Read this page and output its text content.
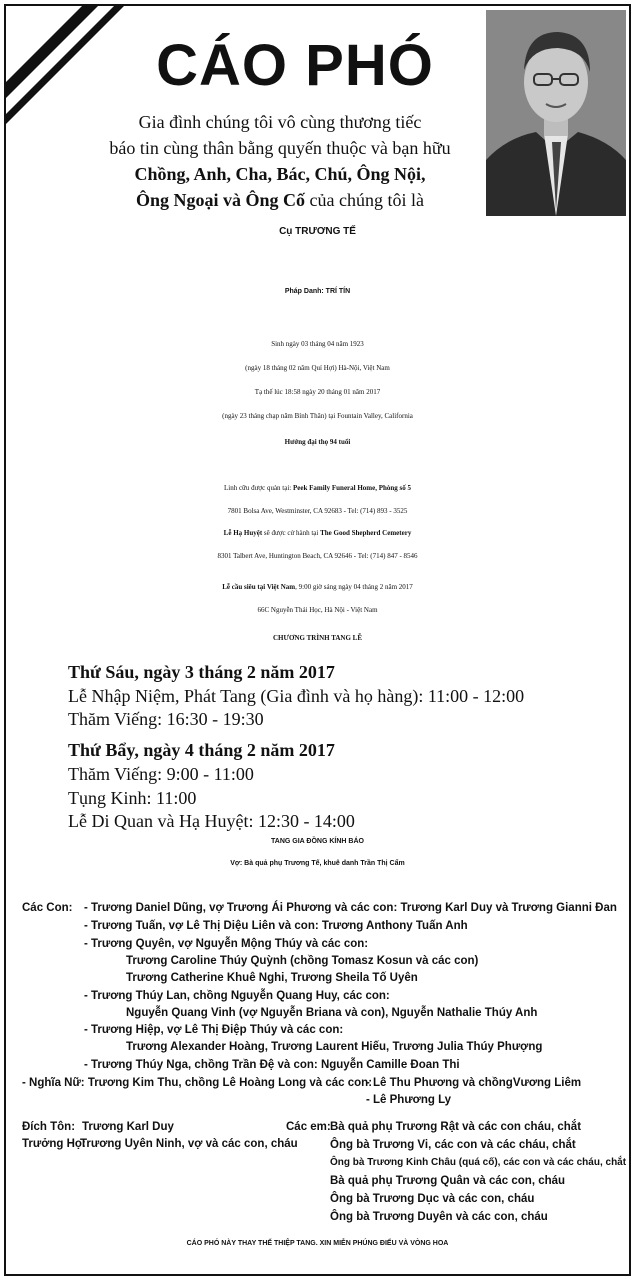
CÁO PHÓ
Gia đình chúng tôi vô cùng thương tiếc
báo tin cùng thân bằng quyến thuộc và bạn hữu
Chồng, Anh, Cha, Bác, Chú, Ông Nội,
Ông Ngoại và Ông Cố của chúng tôi là
Cụ TRƯƠNG TẾ
Pháp Danh: TRÍ TÍN
Sinh ngày 03 tháng 04 năm 1923
(ngày 18 tháng 02 năm Quí Hợi) Hà-Nội, Việt Nam
Tạ thế lúc 18:58 ngày 20 tháng 01 năm 2017
(ngày 23 tháng chạp năm Bính Thân) tại Fountain Valley, California
Hưởng đại thọ 94 tuổi
Linh cữu được quàn tại: Peek Family Funeral Home, Phòng số 5
7801 Bolsa Ave, Westminster, CA 92683 - Tel: (714) 893 - 3525
Lễ Hạ Huyệt sẽ được cử hành tại The Good Shepherd Cemetery
8301 Talbert Ave, Huntington Beach, CA 92646 - Tel: (714) 847 - 8546
Lễ cầu siêu tại Việt Nam, 9:00 giờ sáng ngày 04 tháng 2 năm 2017
66C Nguyễn Thái Học, Hà Nội - Việt Nam
CHƯƠNG TRÌNH TANG LỄ
Thứ Sáu, ngày 3 tháng 2 năm 2017
Lễ Nhập Niệm, Phát Tang (Gia đình và họ hàng): 11:00 - 12:00
Thăm Viếng: 16:30 - 19:30
Thứ Bẩy, ngày 4 tháng 2 năm 2017
Thăm Viếng: 9:00 - 11:00
Tụng Kinh: 11:00
Lễ Di Quan và Hạ Huyệt: 12:30 - 14:00
TANG GIA ĐỒNG KÍNH BÁO
Vợ: Bà quả phụ Trương Tế, khuê danh Trần Thị Cẩm
Các Con: - Trương Daniel Dũng, vợ Trương Ái Phương và các con: Trương Karl Duy và Trương Gianni Đan
- Trương Tuấn, vợ Lê Thị Diệu Liên và con: Trương Anthony Tuấn Anh
- Trương Quyên, vợ Nguyễn Mộng Thúy và các con:
Trương Caroline Thúy Quỳnh (chồng Tomasz Kosun và các con)
Trương Catherine Khuê Nghi, Trương Sheila Tố Uyên
- Trương Thúy Lan, chồng Nguyễn Quang Huy, các con:
Nguyễn Quang Vinh (vợ Nguyễn Briana và con), Nguyễn Nathalie Thúy Anh
- Trương Hiệp, vợ Lê Thị Điệp Thúy và các con:
Trương Alexander Hoàng, Trương Laurent Hiếu, Trương Julia Thúy Phượng
- Trương Thúy Nga, chồng Trần Đệ và con: Nguyễn Camille Đoan Thi
- Nghĩa Nữ: Trương Kim Thu, chồng Lê Hoàng Long và các con:
- Lê Thu Phương và chồngVương Liêm
- Lê Phương Ly
Đích Tôn: Trương Karl Duy
Trưởng Họ:
Trương Uyên Ninh, vợ và các con, cháu
Các em: Bà quả phụ Trương Rật và các con cháu, chắt
Ông bà Trương Vi, các con và các cháu, chắt
Ông bà Trương Kinh Châu (quá cố), các con và các cháu, chắt
Bà quả phụ Trương Quân và các con, cháu
Ông bà Trương Dục và các con, cháu
Ông bà Trương Duyên và các con, cháu
CÁO PHÓ NÀY THAY THẾ THIỆP TANG. XIN MIỄN PHÚNG ĐIẾU VÀ VÒNG HOA
